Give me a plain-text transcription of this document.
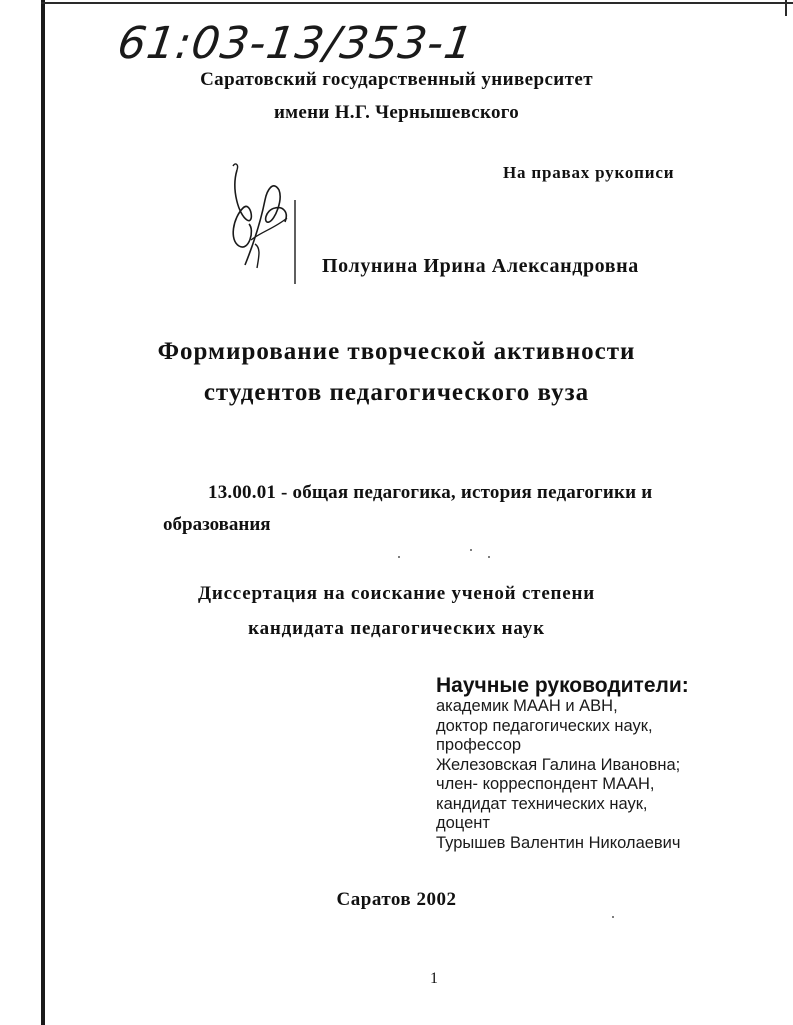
61:03-13/353-1
Саратовский государственный университет
имени Н.Г. Чернышевского
На правах рукописи
Полунина Ирина Александровна
Формирование творческой активности
студентов педагогического вуза
13.00.01 - общая педагогика, история педагогики и
образования
Диссертация на соискание ученой степени
кандидата педагогических наук
Научные руководители:
академик МААН и АВН,
доктор педагогических наук,
профессор
Железовская Галина Ивановна;
член- корреспондент МААН,
кандидат технических наук,
доцент
Турышев Валентин Николаевич
Саратов 2002
1
